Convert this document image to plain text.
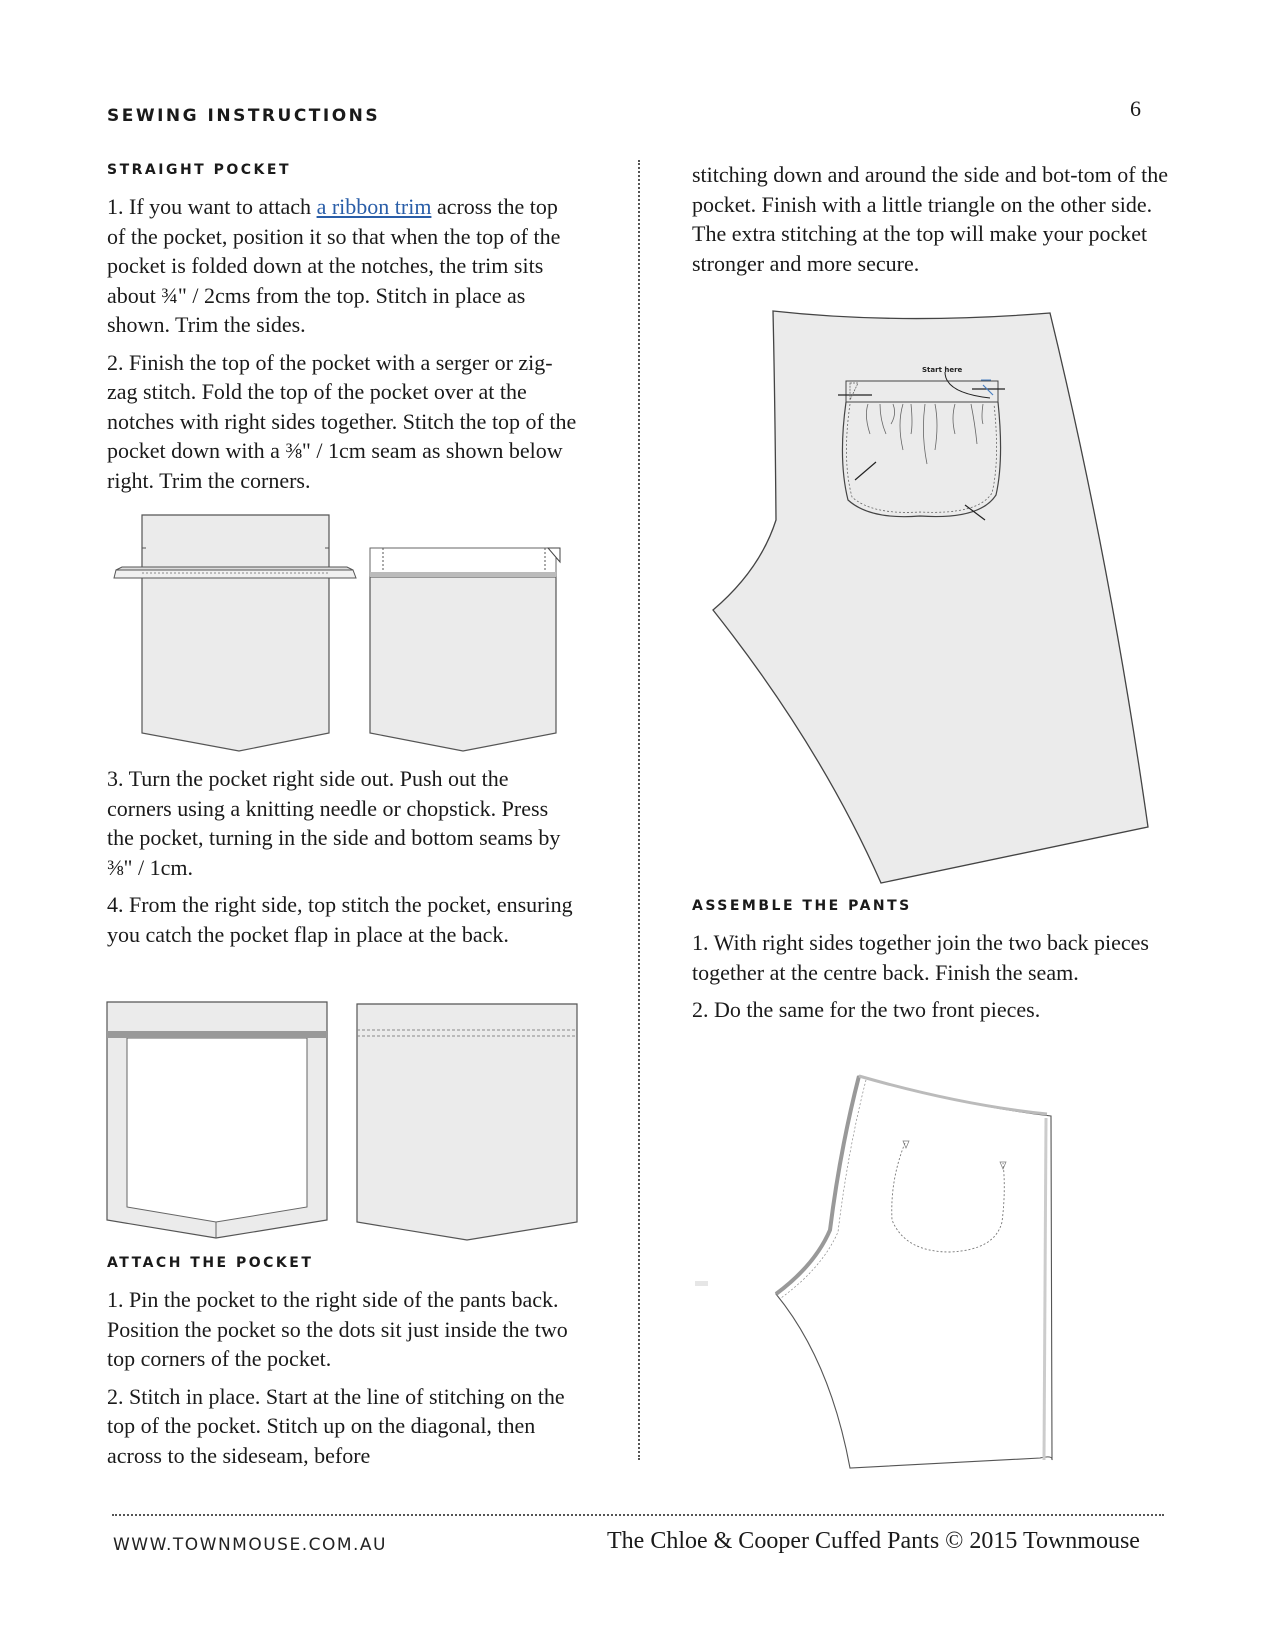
SEWING INSTRUCTIONS	6
STRAIGHT POCKET

1. If you want to attach a ribbon trim across the top of the pocket, position it so that when the top of the pocket is folded down at the notches, the trim sits about ¾" / 2cms from the top. Stitch in place as shown. Trim the sides.

2. Finish the top of the pocket with a serger or zig-zag stitch. Fold the top of the pocket over at the notches with right sides together. Stitch the top of the pocket down with a ⅜" / 1cm seam as shown below right. Trim the corners.

3. Turn the pocket right side out. Push out the corners using a knitting needle or chopstick. Press the pocket, turning in the side and bottom seams by ⅜" / 1cm.

4. From the right side, top stitch the pocket, ensuring you catch the pocket flap in place at the back.

ATTACH THE POCKET

1. Pin the pocket to the right side of the pants back. Position the pocket so the dots sit just inside the two top corners of the pocket.

2. Stitch in place. Start at the line of stitching on the top of the pocket. Stitch up on the diagonal, then across to the sideseam, before

stitching down and around the side and bot-tom of the pocket. Finish with a little triangle on the other side. The extra stitching at the top will make your pocket stronger and more secure.

Start here
ASSEMBLE THE PANTS

1. With right sides together join the two back pieces together at the centre back. Finish the seam.

2. Do the same for the two front pieces.

WWW.TOWNMOUSE.COM.AU	The Chloe & Cooper Cuffed Pants © 2015 Townmouse
